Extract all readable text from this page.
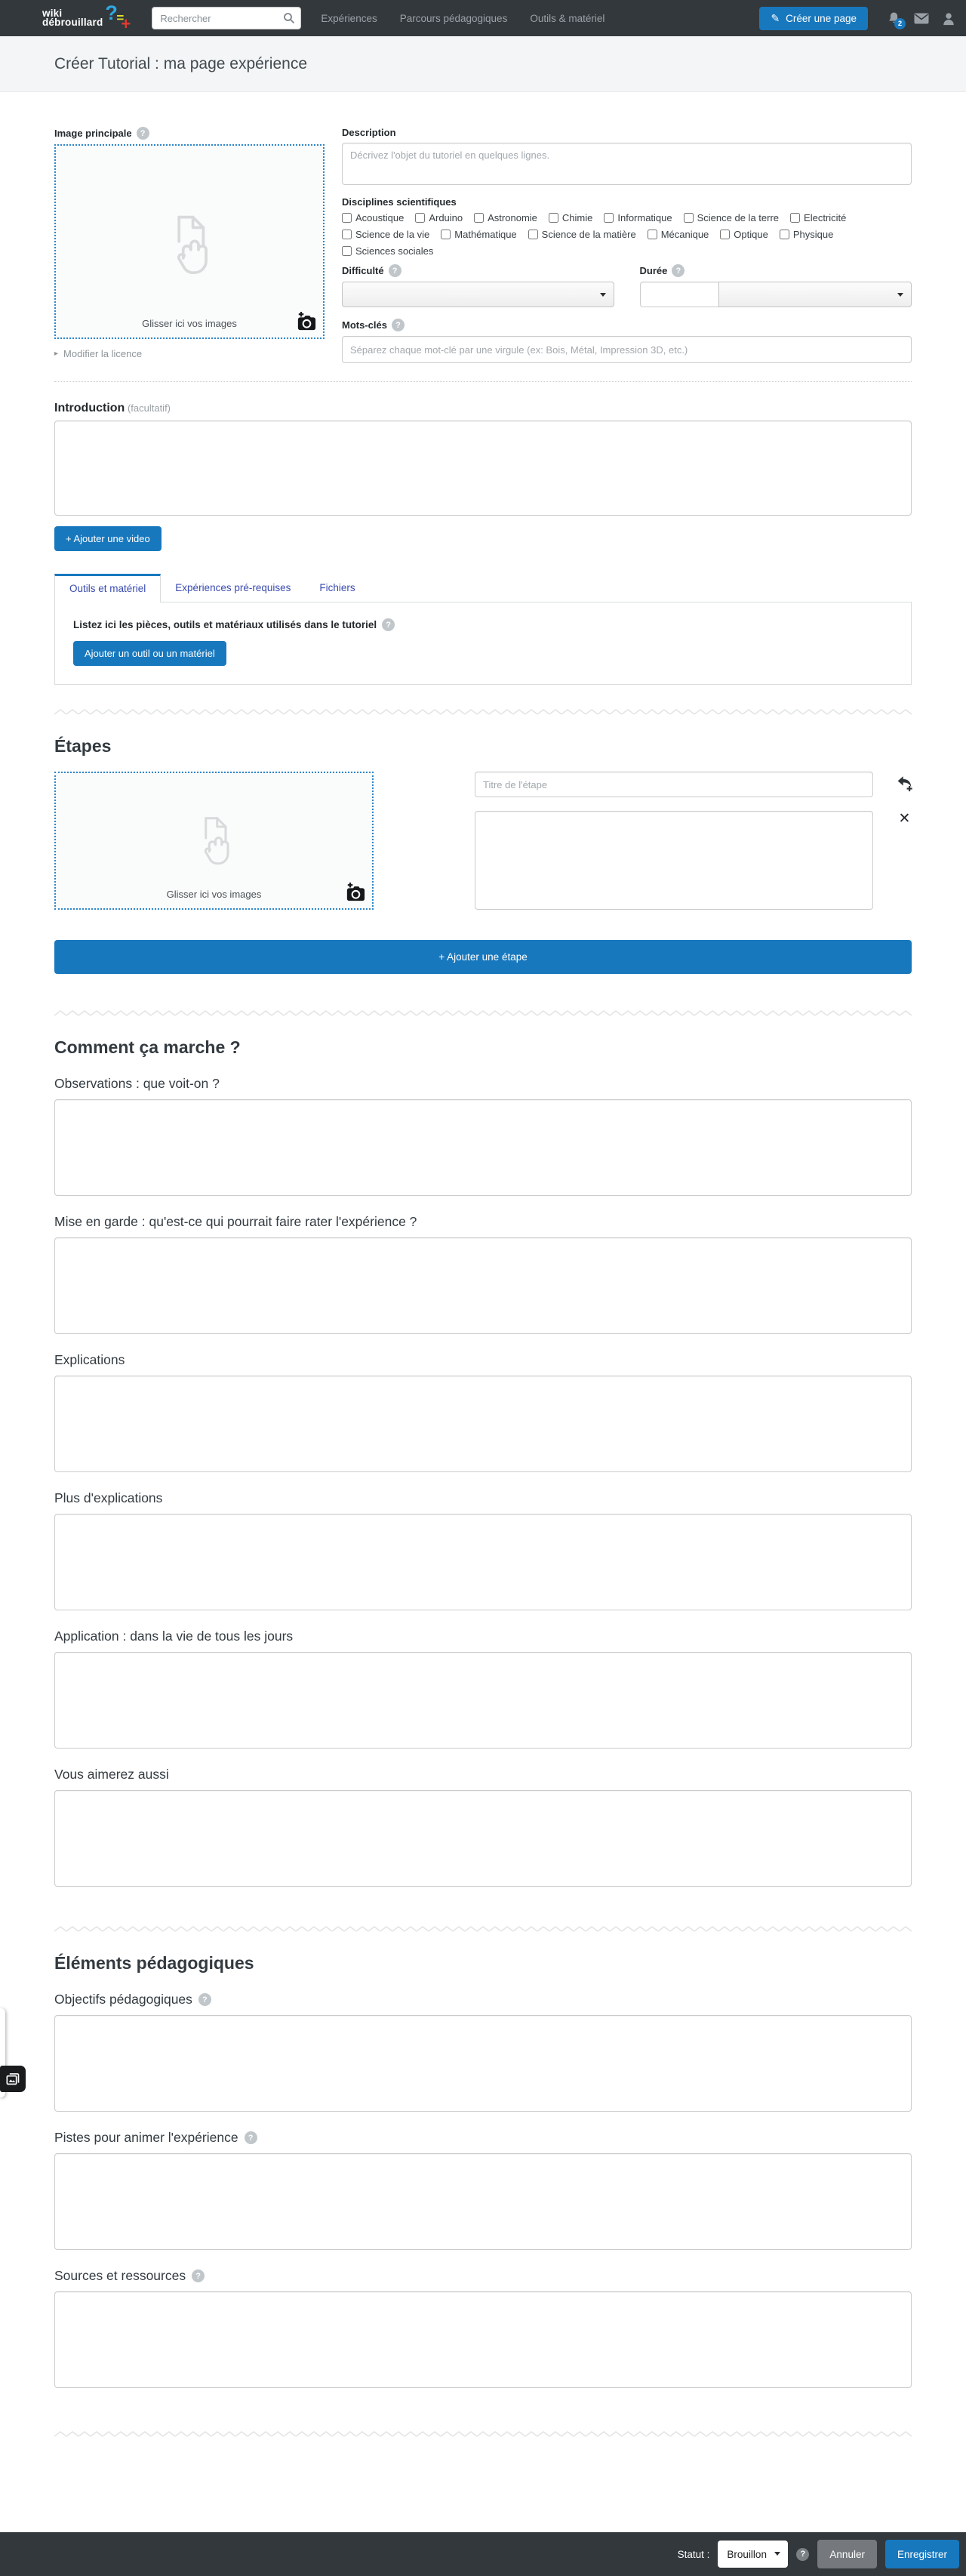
wiki
débrouillard ?
=
+
Rechercher	Expériences Parcours pédagogiques Outils & matériel	✎ Créer une page	2
Créer Tutorial : ma page expérience
Image principale	?
Glisser ici vos images
▸ Modifier la licence
Description
Décrivez l'objet du tutoriel en quelques lignes.
Disciplines scientifiques
Acoustique	Arduino	Astronomie	Chimie	Informatique	Science de la terre	Electricité
Science de la vie	Mathématique	Science de la matière	Mécanique	Optique	Physique
Sciences sociales
Difficulté	?	Durée	?
Mots-clés	?
Séparez chaque mot-clé par une virgule (ex: Bois, Métal, Impression 3D, etc.)
Introduction (facultatif)
+ Ajouter une video
Outils et matériel	Expériences pré-requises	Fichiers
Listez ici les pièces, outils et matériaux utilisés dans le tutoriel	?
Ajouter un outil ou un matériel
Étapes
Glisser ici vos images
Titre de l'étape
✕
+ Ajouter une étape
Comment ça marche ?
Observations : que voit-on ?
Mise en garde : qu'est-ce qui pourrait faire rater l'expérience ?
Explications
Plus d'explications
Application : dans la vie de tous les jours
Vous aimerez aussi
Éléments pédagogiques
Objectifs pédagogiques	?
Pistes pour animer l'expérience	?
Sources et ressources	?
Statut : Brouillon	?	Annuler	Enregistrer
